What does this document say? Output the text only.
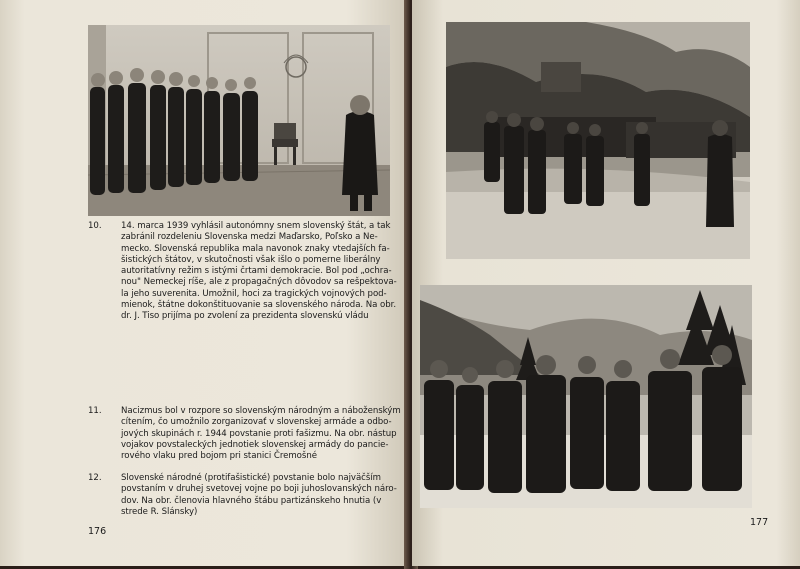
10. 14. marca 1939 vyhlásil autonómny snem slovenský štát, a tak
zabránil rozdeleniu Slovenska medzi Maďarsko, Poľsko a Ne-
mecko. Slovenská republika mala navonok znaky vtedajších fa-
šistických štátov, v skutočnosti však išlo o pomerne liberálny
autoritatívny režim s istými črtami demokracie. Bol pod „ochra-
nou" Nemeckej ríše, ale z propagačných dôvodov sa rešpektova-
la jeho suverenita. Umožnil, hoci za tragických vojnových pod-
mienok, štátne dokonštituovanie sa slovenského národa. Na obr.
dr. J. Tiso prijíma po zvolení za prezidenta slovenskú vládu
11. Nacizmus bol v rozpore so slovenským národným a náboženským
cítením, čo umožnilo zorganizovať v slovenskej armáde a odbo-
jových skupinách r. 1944 povstanie proti fašizmu. Na obr. nástup
vojakov povstaleckých jednotiek slovenskej armády do pancie-
rového vlaku pred bojom pri stanici Čremošné
12. Slovenské národné (protifašistické) povstanie bolo najväčším
povstaním v druhej svetovej vojne po boji juhoslovanských náro-
dov. Na obr. členovia hlavného štábu partizánskeho hnutia (v
strede R. Slánsky)
176
177
